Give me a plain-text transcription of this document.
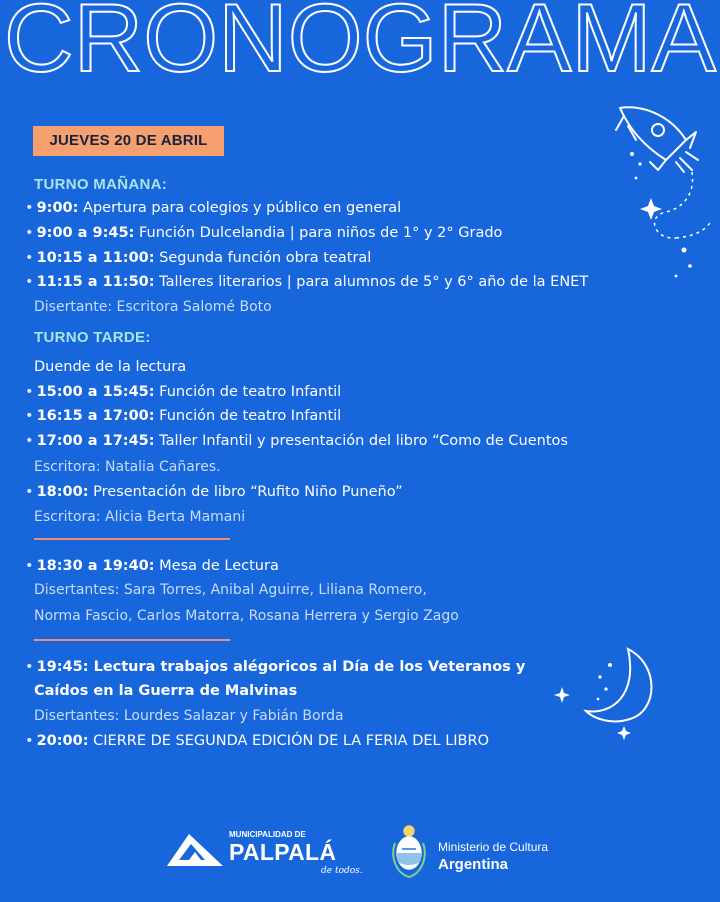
CRONOGRAMA
JUEVES 20 DE ABRIL
TURNO MAÑANA:
• 9:00: Apertura para colegios y público en general
• 9:00 a 9:45: Función Dulcelandia | para niños de 1° y 2° Grado
• 10:15 a 11:00: Segunda función obra teatral
• 11:15 a 11:50: Talleres literarios | para alumnos de 5° y 6° año de la ENET
Disertante: Escritora Salomé Boto
TURNO TARDE:
Duende de la lectura
• 15:00 a 15:45: Función de teatro Infantil
• 16:15 a 17:00: Función de teatro Infantil
• 17:00 a 17:45: Taller Infantil y presentación del libro “Como de Cuentos
Escritora: Natalia Cañares.
• 18:00: Presentación de libro “Rufito Niño Puneño”
Escritora: Alicia Berta Mamani
• 18:30 a 19:40: Mesa de Lectura
Disertantes: Sara Torres, Anibal Aguirre, Liliana Romero,
Norma Fascio, Carlos Matorra, Rosana Herrera y Sergio Zago
• 19:45: Lectura trabajos alégoricos al Día de los Veteranos y
Caídos en la Guerra de Malvinas
Disertantes: Lourdes Salazar y Fabián Borda
• 20:00: CIERRE DE SEGUNDA EDICIÓN DE LA FERIA DEL LIBRO
MUNICIPALIDAD DE
PALPALÁ
de todos.
Ministerio de Cultura
Argentina
